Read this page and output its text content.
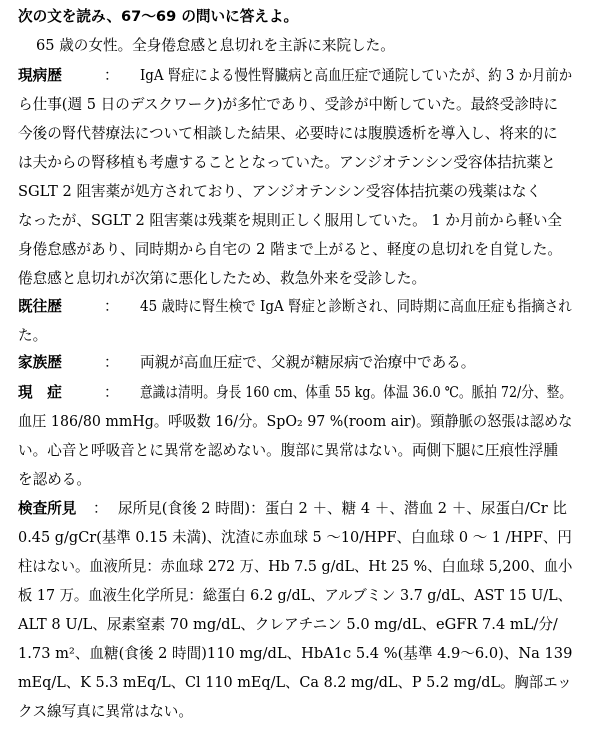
次の文を読み、67〜69 の問いに答えよ。
65 歳の女性。全身倦怠感と息切れを主訴に来院した。
現病歴	： IgA 腎症による慢性腎臓病と高血圧症で通院していたが、約 3 か月前か
ら仕事(週 5 日のデスクワーク)が多忙であり、受診が中断していた。最終受診時に
今後の腎代替療法について相談した結果、必要時には腹膜透析を導入し、将来的に
は夫からの腎移植も考慮することとなっていた。アンジオテンシン受容体拮抗薬と
SGLT 2 阻害薬が処方されており、アンジオテンシン受容体拮抗薬の残薬はなく
なったが、SGLT 2 阻害薬は残薬を規則正しく服用していた。 1 か月前から軽い全
身倦怠感があり、同時期から自宅の 2 階まで上がると、軽度の息切れを自覚した。
倦怠感と息切れが次第に悪化したため、救急外来を受診した。
既往歴	： 45 歳時に腎生検で IgA 腎症と診断され、同時期に高血圧症も指摘され
た。
家族歴	： 両親が高血圧症で、父親が糖尿病で治療中である。
現　症	： 意識は清明。身長 160 cm、体重 55 kg。体温 36.0 ℃。脈拍 72/分、整。
血圧 186/80 mmHg。呼吸数 16/分。SpO₂ 97 %(room air)。頸静脈の怒張は認めな
い。心音と呼吸音とに異常を認めない。腹部に異常はない。両側下腿に圧痕性浮腫
を認める。
検査所見 ： 尿所見(食後 2 時間)：蛋白 2 ＋、糖 4 ＋、潜血 2 ＋、尿蛋白/Cr 比
0.45 g/gCr(基準 0.15 未満)、沈渣に赤血球 5 〜10/HPF、白血球 0 〜 1 /HPF、円
柱はない。血液所見：赤血球 272 万、Hb 7.5 g/dL、Ht 25 %、白血球 5,200、血小
板 17 万。血液生化学所見：総蛋白 6.2 g/dL、アルブミン 3.7 g/dL、AST 15 U/L、
ALT 8 U/L、尿素窒素 70 mg/dL、クレアチニン 5.0 mg/dL、eGFR 7.4 mL/分/
1.73 m²、血糖(食後 2 時間)110 mg/dL、HbA1c 5.4 %(基準 4.9〜6.0)、Na 139
mEq/L、K 5.3 mEq/L、Cl 110 mEq/L、Ca 8.2 mg/dL、P 5.2 mg/dL。胸部エッ
クス線写真に異常はない。
